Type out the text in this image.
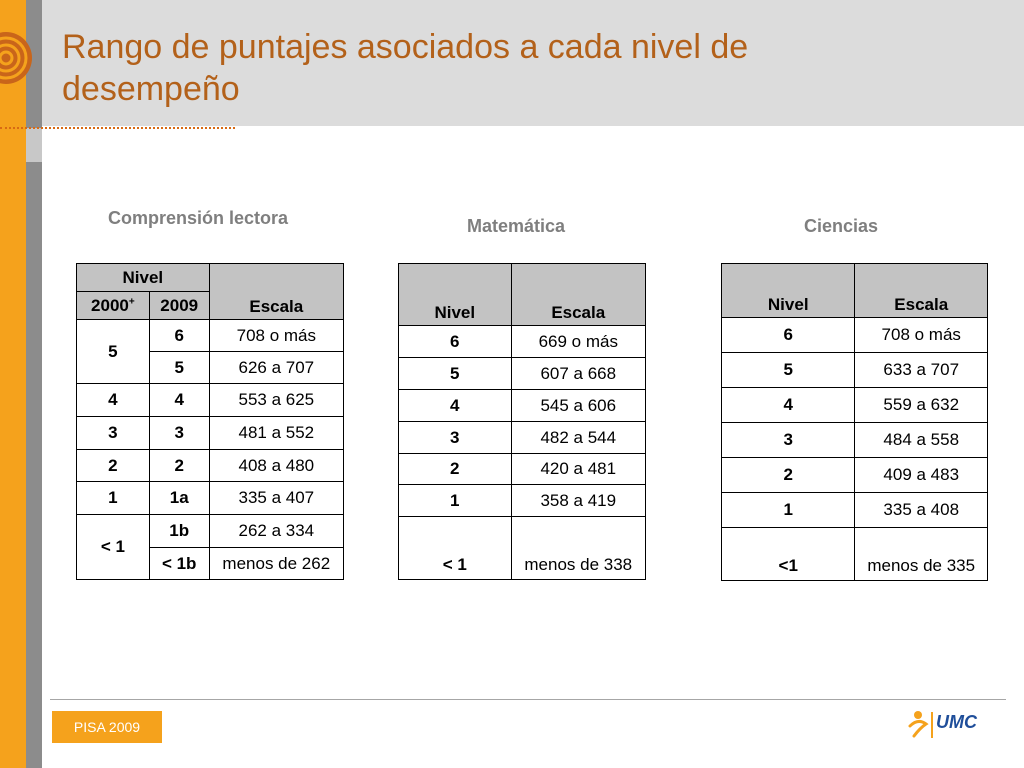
Rango de puntajes asociados a cada nivel de desempeño
Comprensión lectora	Matemática	Ciencias
Nivel		Escala
2000+	2009	
5	6	708 o más
	5	626 a 707
4	4	553 a 625
3	3	481 a 552
2	2	408 a 480
1	1a	335 a 407
< 1	1b	262 a 334
	< 1b	menos de 262
Nivel	Escala
6	669 o más
5	607 a 668
4	545 a 606
3	482 a 544
2	420 a 481
1	358 a 419
< 1	menos de 338
Nivel	Escala
6	708 o más
5	633 a 707
4	559 a 632
3	484 a 558
2	409 a 483
1	335 a 408
<1	menos de 335
PISA 2009	UMC
